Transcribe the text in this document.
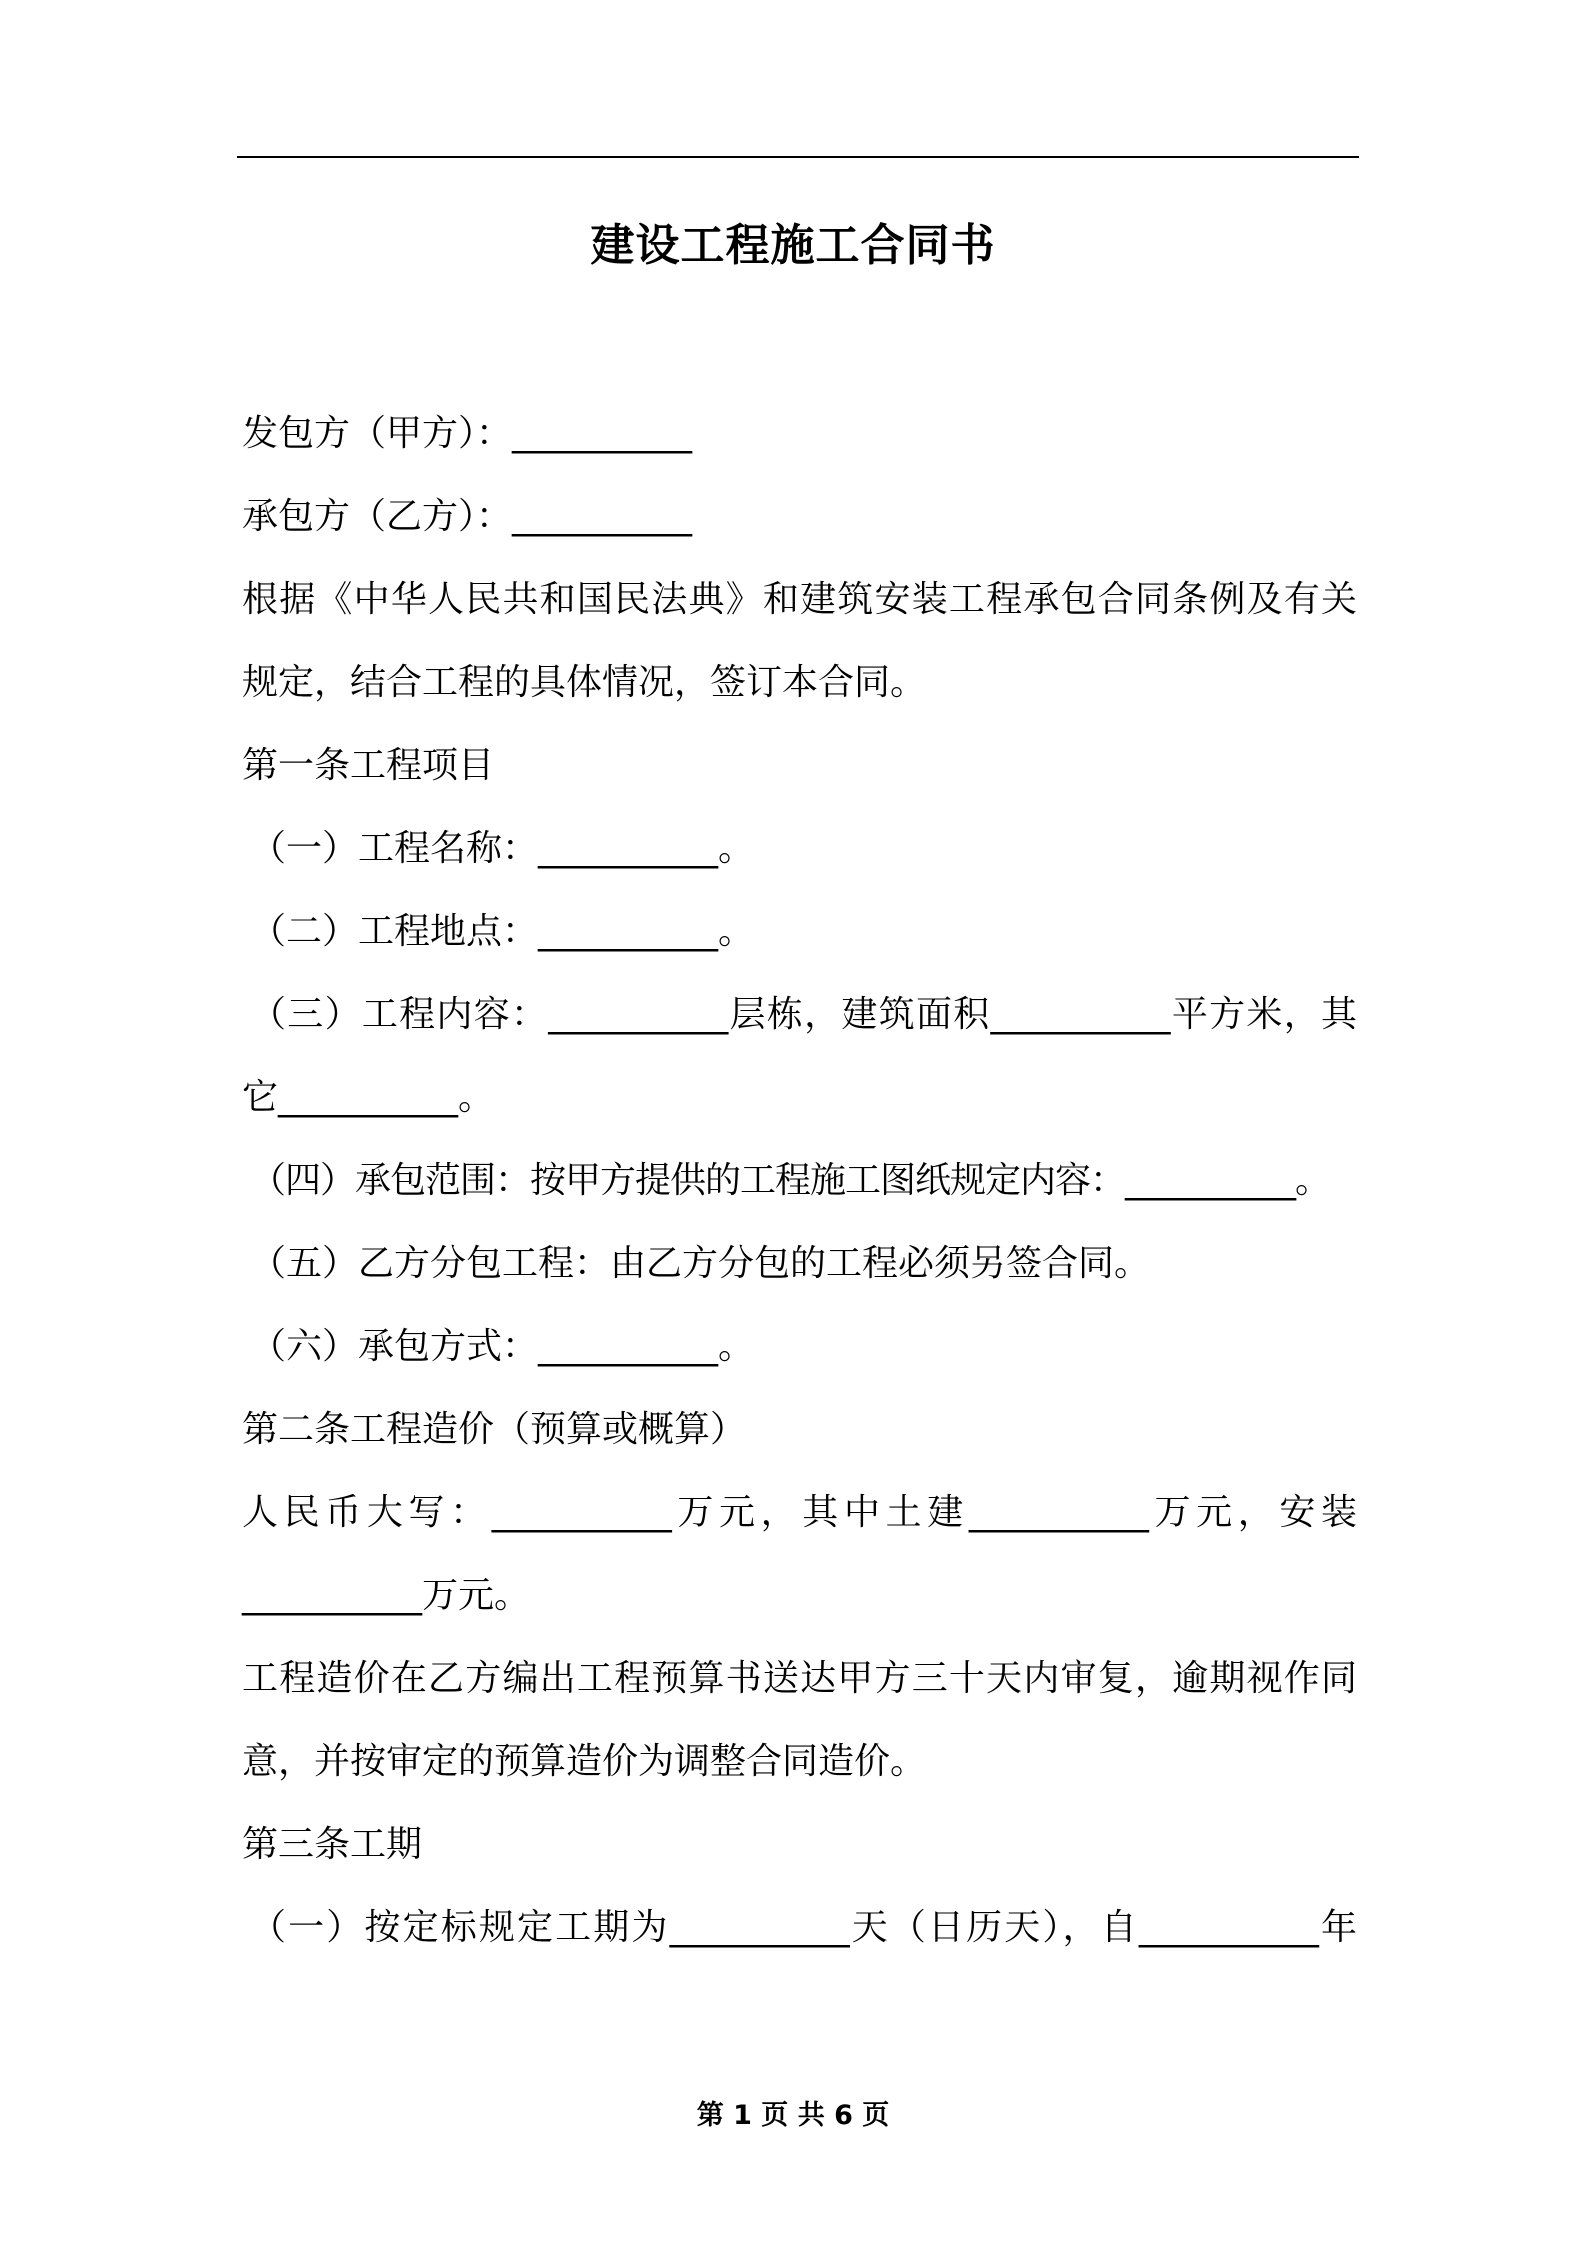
建设工程施工合同书

发包方（甲方）：__________

承包方（乙方）：__________

根据《中华人民共和国民法典》和建筑安装工程承包合同条例及有关

规定，结合工程的具体情况，签订本合同。

第一条工程项目

（一）工程名称：__________。

（二）工程地点：__________。

（三）工程内容：__________层栋，建筑面积__________平方米，其

它__________。

（四）承包范围：按甲方提供的工程施工图纸规定内容：__________。

（五）乙方分包工程：由乙方分包的工程必须另签合同。

（六）承包方式：__________。

第二条工程造价（预算或概算）

人民币大写：__________万元，其中土建__________万元，安装

__________万元。

工程造价在乙方编出工程预算书送达甲方三十天内审复，逾期视作同

意，并按审定的预算造价为调整合同造价。

第三条工期

（一）按定标规定工期为__________天（日历天），自__________年

第 1 页 共 6 页
